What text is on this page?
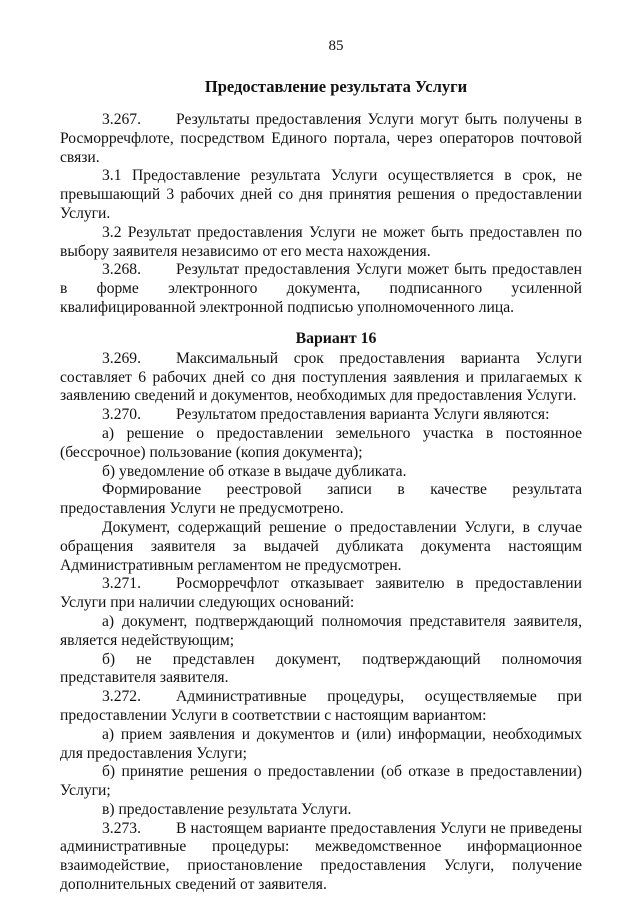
85
Предоставление результата Услуги

3.267. Результаты предоставления Услуги могут быть получены в Росморречфлоте, посредством Единого портала, через операторов почтовой связи.

3.1 Предоставление результата Услуги осуществляется в срок, не превышающий 3 рабочих дней со дня принятия решения о предоставлении Услуги.

3.2 Результат предоставления Услуги не может быть предоставлен по выбору заявителя независимо от его места нахождения.

3.268. Результат предоставления Услуги может быть предоставлен в форме электронного документа, подписанного усиленной квалифицированной электронной подписью уполномоченного лица.

Вариант 16

3.269. Максимальный срок предоставления варианта Услуги составляет 6 рабочих дней со дня поступления заявления и прилагаемых к заявлению сведений и документов, необходимых для предоставления Услуги.

3.270. Результатом предоставления варианта Услуги являются:

а) решение о предоставлении земельного участка в постоянное (бессрочное) пользование (копия документа);

б) уведомление об отказе в выдаче дубликата.

Формирование реестровой записи в качестве результата предоставления Услуги не предусмотрено.

Документ, содержащий решение о предоставлении Услуги, в случае обращения заявителя за выдачей дубликата документа настоящим Административным регламентом не предусмотрен.

3.271. Росморречфлот отказывает заявителю в предоставлении Услуги при наличии следующих оснований:

а) документ, подтверждающий полномочия представителя заявителя, является недействующим;

б) не представлен документ, подтверждающий полномочия представителя заявителя.

3.272. Административные процедуры, осуществляемые при предоставлении Услуги в соответствии с настоящим вариантом:

а) прием заявления и документов и (или) информации, необходимых для предоставления Услуги;

б) принятие решения о предоставлении (об отказе в предоставлении) Услуги;

в) предоставление результата Услуги.

3.273. В настоящем варианте предоставления Услуги не приведены административные процедуры: межведомственное информационное взаимодействие, приостановление предоставления Услуги, получение дополнительных сведений от заявителя.
